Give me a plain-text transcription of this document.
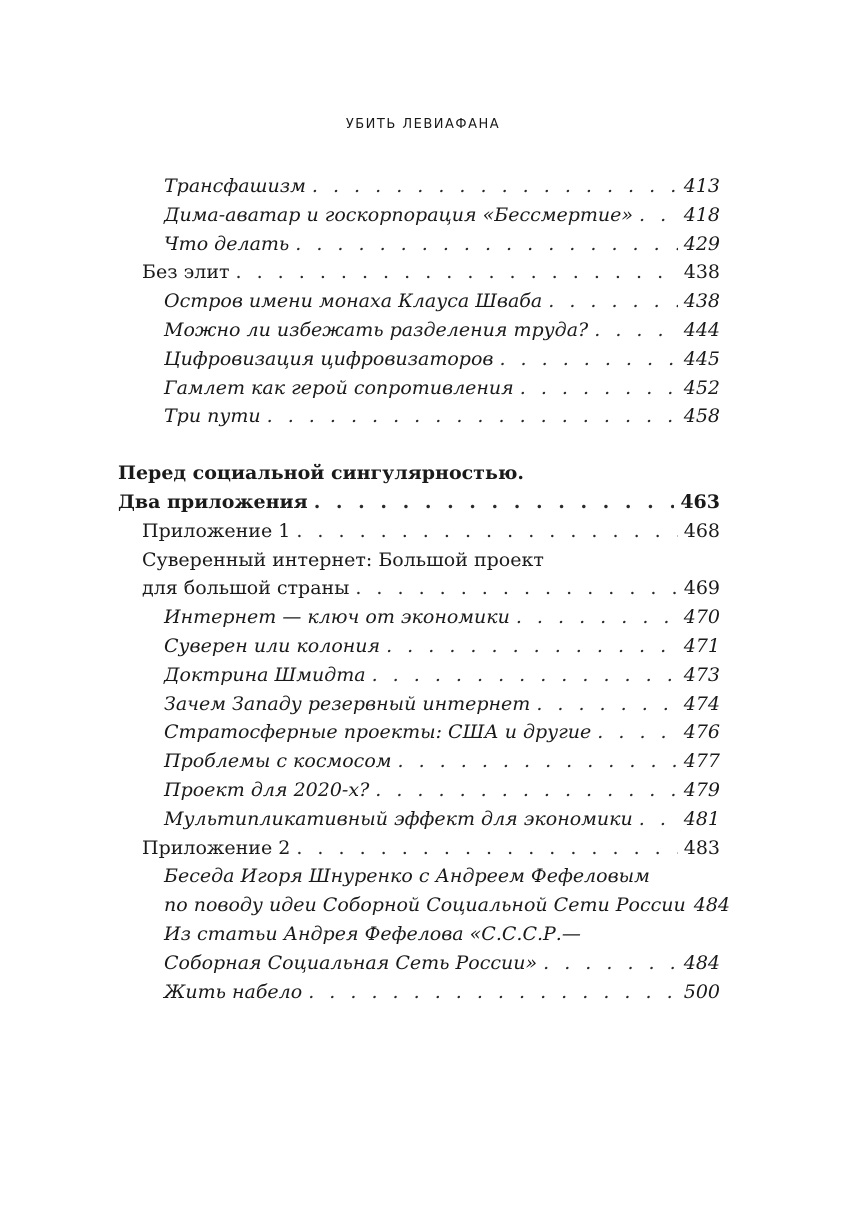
УБИТЬ ЛЕВИАФАНА
Трансфашизм . . .	413
Дима-аватар и госкорпорация «Бессмертие» . . .	418
Что делать . . .	429
Без элит . . .	438
Остров имени монаха Клауса Шваба . . .	438
Можно ли избежать разделения труда? . . .	444
Цифровизация цифровизаторов . . .	445
Гамлет как герой сопротивления . . .	452
Три пути . . .	458
Перед социальной сингулярностью.
Два приложения . . .	463
Приложение 1 . . .	468
Суверенный интернет: Большой проект
для большой страны . . .	469
Интернет — ключ от экономики . . .	470
Суверен или колония . . .	471
Доктрина Шмидта . . .	473
Зачем Западу резервный интернет . . .	474
Стратосферные проекты: США и другие . . .	476
Проблемы с космосом . . .	477
Проект для 2020-х? . . .	479
Мультипликативный эффект для экономики . . .	481
Приложение 2 . . .	483
Беседа Игоря Шнуренко с Андреем Фефеловым
по поводу идеи Соборной Социальной Сети России 484
Из статьи Андрея Фефелова «С.С.С.Р.—
Соборная Социальная Сеть России» . . .	484
Жить набело . . .	500
